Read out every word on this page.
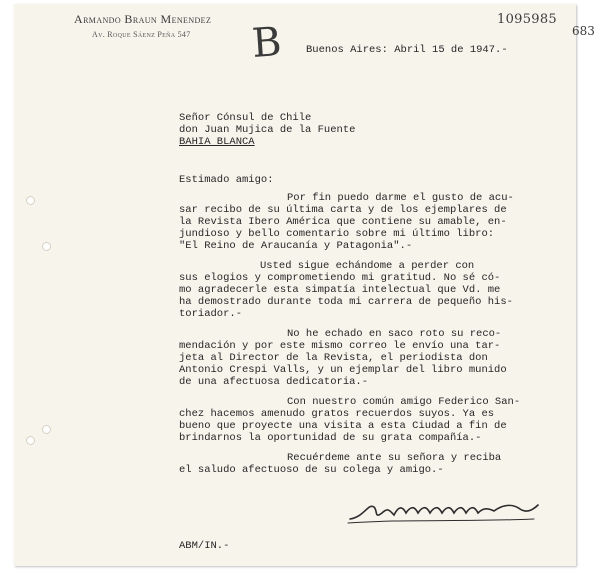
Armando Braun Menendez
Av. Roque Sáenz Peña 547 B	1095985
683
Buenos Aires: Abril 15 de 1947.-
Señor Cónsul de Chile
don Juan Mujica de la Fuente
BAHIA BLANCA
Estimado amigo:
Por fin puedo darme el gusto de acu-
sar recibo de su última carta y de los ejemplares de
la Revista Ibero América que contiene su amable, en-
jundioso y bello comentario sobre mi último libro:
"El Reino de Araucanía y Patagonia".-
Usted sigue echándome a perder con
sus elogios y comprometiendo mi gratitud. No sé có-
mo agradecerle esta simpatía intelectual que Vd. me
ha demostrado durante toda mi carrera de pequeño his-
toriador.-
No he echado en saco roto su reco-
mendación y por este mismo correo le envío una tar-
jeta al Director de la Revista, el periodista don
Antonio Crespi Valls, y un ejemplar del libro munido
de una afectuosa dedicatoria.-
Con nuestro común amigo Federico San-
chez hacemos amenudo gratos recuerdos suyos. Ya es
bueno que proyecte una visita a esta Ciudad a fin de
brindarnos la oportunidad de su grata compañía.-
Recuérdeme ante su señora y reciba
el saludo afectuoso de su colega y amigo.-
ABM/IN.-
